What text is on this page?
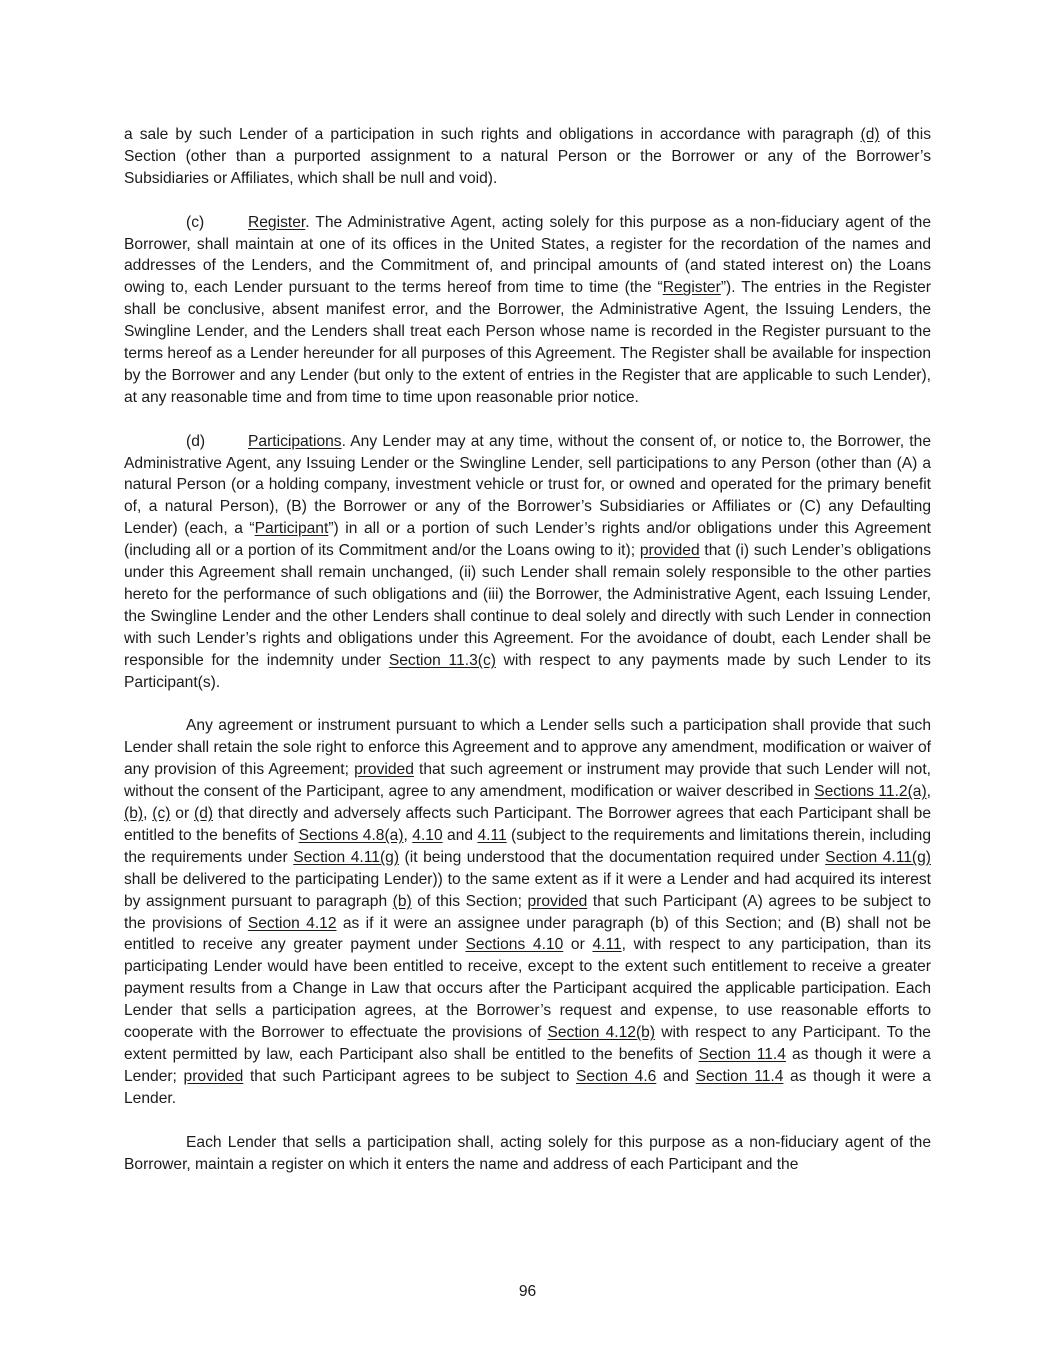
a sale by such Lender of a participation in such rights and obligations in accordance with paragraph (d) of this Section (other than a purported assignment to a natural Person or the Borrower or any of the Borrower’s Subsidiaries or Affiliates, which shall be null and void).

(c)	Register. The Administrative Agent, acting solely for this purpose as a non-fiduciary agent of the Borrower, shall maintain at one of its offices in the United States, a register for the recordation of the names and addresses of the Lenders, and the Commitment of, and principal amounts of (and stated interest on) the Loans owing to, each Lender pursuant to the terms hereof from time to time (the “Register”). The entries in the Register shall be conclusive, absent manifest error, and the Borrower, the Administrative Agent, the Issuing Lenders, the Swingline Lender, and the Lenders shall treat each Person whose name is recorded in the Register pursuant to the terms hereof as a Lender hereunder for all purposes of this Agreement. The Register shall be available for inspection by the Borrower and any Lender (but only to the extent of entries in the Register that are applicable to such Lender), at any reasonable time and from time to time upon reasonable prior notice.

(d)	Participations. Any Lender may at any time, without the consent of, or notice to, the Borrower, the Administrative Agent, any Issuing Lender or the Swingline Lender, sell participations to any Person (other than (A) a natural Person (or a holding company, investment vehicle or trust for, or owned and operated for the primary benefit of, a natural Person), (B) the Borrower or any of the Borrower’s Subsidiaries or Affiliates or (C) any Defaulting Lender) (each, a “Participant”) in all or a portion of such Lender’s rights and/or obligations under this Agreement (including all or a portion of its Commitment and/or the Loans owing to it); provided that (i) such Lender’s obligations under this Agreement shall remain unchanged, (ii) such Lender shall remain solely responsible to the other parties hereto for the performance of such obligations and (iii) the Borrower, the Administrative Agent, each Issuing Lender, the Swingline Lender and the other Lenders shall continue to deal solely and directly with such Lender in connection with such Lender’s rights and obligations under this Agreement. For the avoidance of doubt, each Lender shall be responsible for the indemnity under Section 11.3(c) with respect to any payments made by such Lender to its Participant(s).

Any agreement or instrument pursuant to which a Lender sells such a participation shall provide that such Lender shall retain the sole right to enforce this Agreement and to approve any amendment, modification or waiver of any provision of this Agreement; provided that such agreement or instrument may provide that such Lender will not, without the consent of the Participant, agree to any amendment, modification or waiver described in Sections 11.2(a), (b), (c) or (d) that directly and adversely affects such Participant. The Borrower agrees that each Participant shall be entitled to the benefits of Sections 4.8(a), 4.10 and 4.11 (subject to the requirements and limitations therein, including the requirements under Section 4.11(g) (it being understood that the documentation required under Section 4.11(g) shall be delivered to the participating Lender)) to the same extent as if it were a Lender and had acquired its interest by assignment pursuant to paragraph (b) of this Section; provided that such Participant (A) agrees to be subject to the provisions of Section 4.12 as if it were an assignee under paragraph (b) of this Section; and (B) shall not be entitled to receive any greater payment under Sections 4.10 or 4.11, with respect to any participation, than its participating Lender would have been entitled to receive, except to the extent such entitlement to receive a greater payment results from a Change in Law that occurs after the Participant acquired the applicable participation. Each Lender that sells a participation agrees, at the Borrower’s request and expense, to use reasonable efforts to cooperate with the Borrower to effectuate the provisions of Section 4.12(b) with respect to any Participant. To the extent permitted by law, each Participant also shall be entitled to the benefits of Section 11.4 as though it were a Lender; provided that such Participant agrees to be subject to Section 4.6 and Section 11.4 as though it were a Lender.

Each Lender that sells a participation shall, acting solely for this purpose as a non-fiduciary agent of the Borrower, maintain a register on which it enters the name and address of each Participant and the

96
